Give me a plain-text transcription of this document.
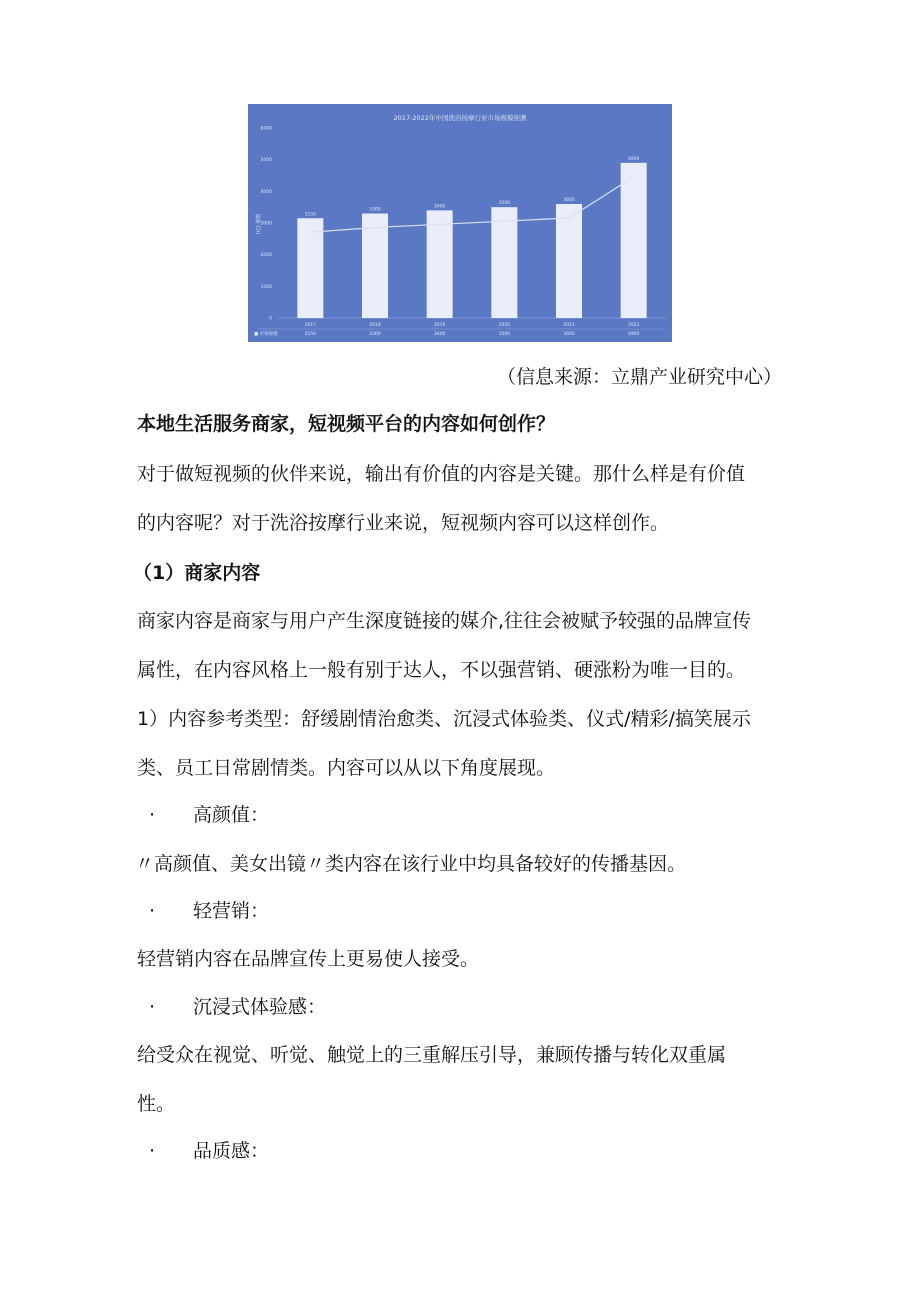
2017-2022年中国洗浴按摩行业市场规模预测
(亿) 规模
0
1000
2000
3000
4000
5000
6000
3150
2017
3150
3300
2018
3300
3400
2019
3400
3500
2020
3500
3600
2021
3600
4900
2022
4900
■ 市场规模
（信息来源：立鼎产业研究中心）
本地生活服务商家，短视频平台的内容如何创作？
对于做短视频的伙伴来说，输出有价值的内容是关键。那什么样是有价值
的内容呢？对于洗浴按摩行业来说，短视频内容可以这样创作。
（1）商家内容
商家内容是商家与用户产生深度链接的媒介,往往会被赋予较强的品牌宣传
属性，在内容风格上一般有别于达人，不以强营销、硬涨粉为唯一目的。
1）内容参考类型：舒缓剧情治愈类、沉浸式体验类、仪式/精彩/搞笑展示
类、员工日常剧情类。内容可以从以下角度展现。
· 高颜值：
〃高颜值、美女出镜〃类内容在该行业中均具备较好的传播基因。
· 轻营销：
轻营销内容在品牌宣传上更易使人接受。
· 沉浸式体验感：
给受众在视觉、听觉、触觉上的三重解压引导，兼顾传播与转化双重属
性。
· 品质感：
